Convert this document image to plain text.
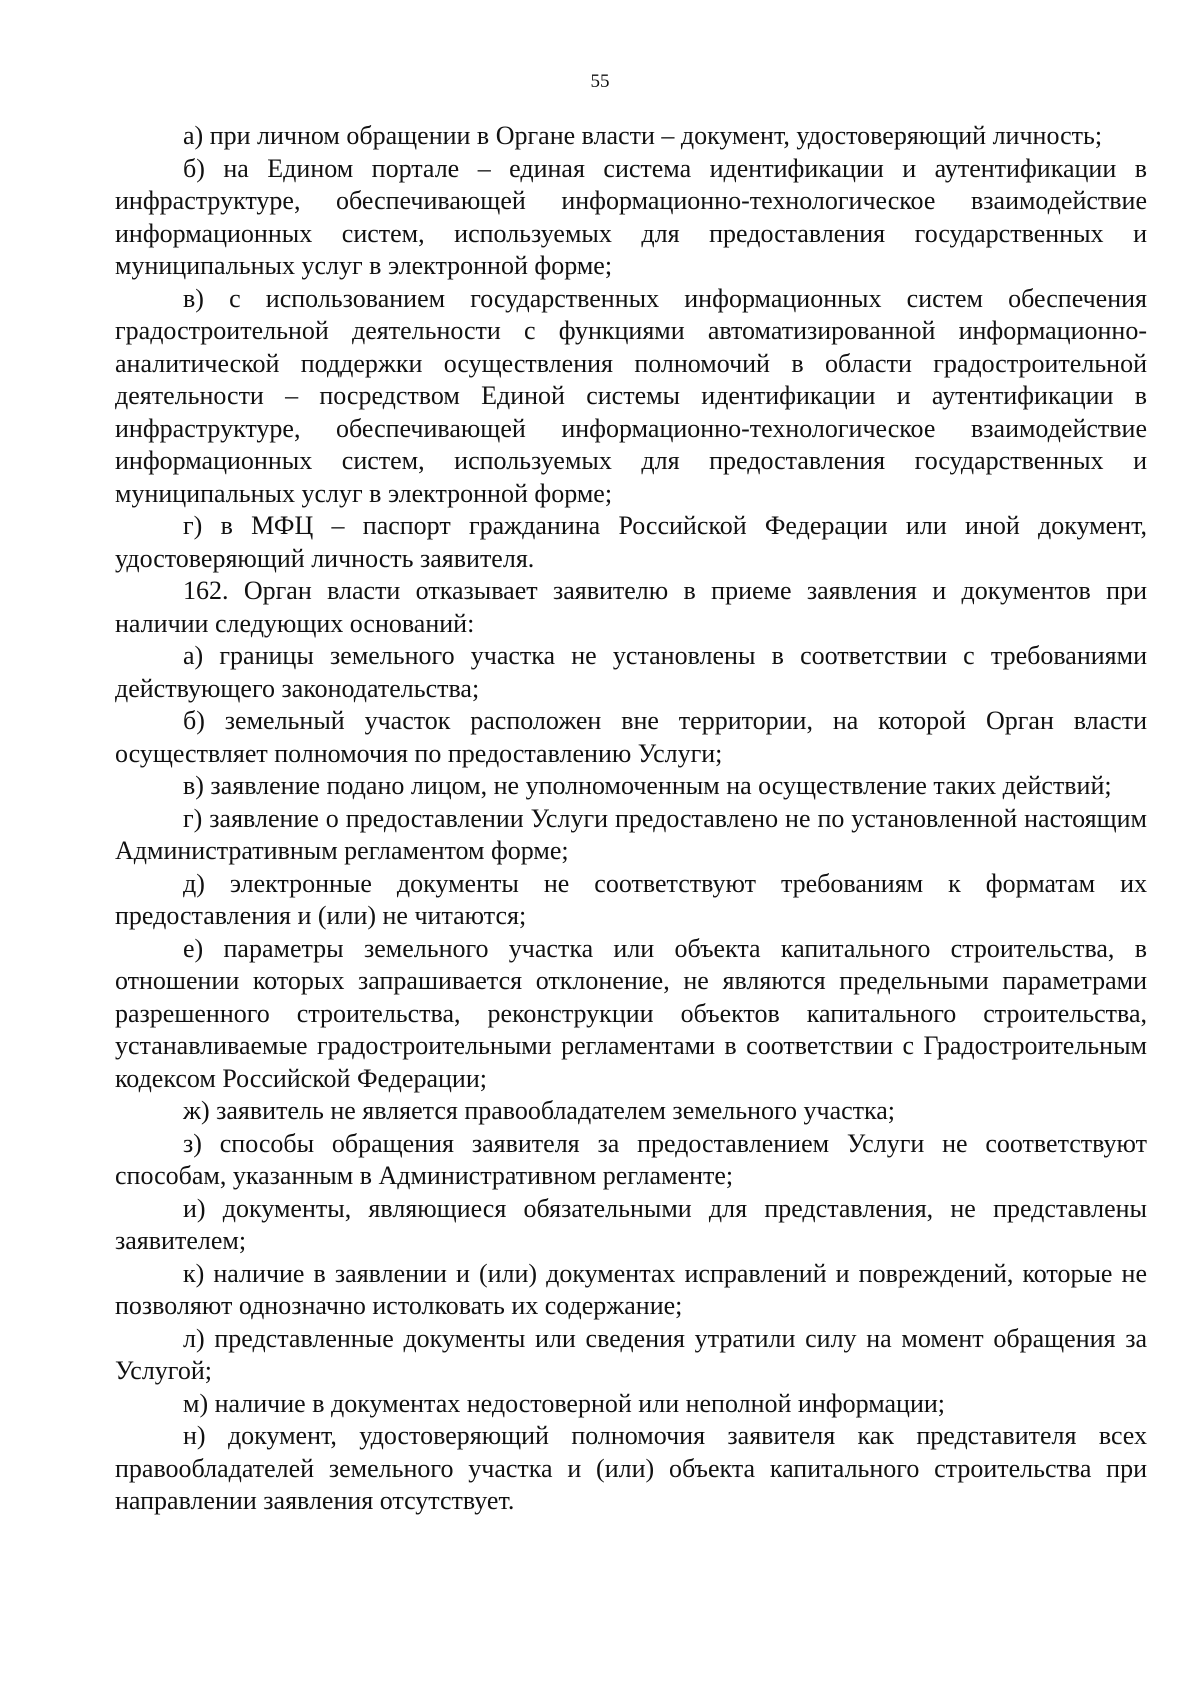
55

а) при личном обращении в Органе власти – документ, удостоверяющий личность;

б) на Едином портале – единая система идентификации и аутентификации в инфраструктуре, обеспечивающей информационно-технологическое взаимодействие информационных систем, используемых для предоставления государственных и муниципальных услуг в электронной форме;

в) с использованием государственных информационных систем обеспечения градостроительной деятельности с функциями автоматизированной информационно-аналитической поддержки осуществления полномочий в области градостроительной деятельности – посредством Единой системы идентификации и аутентификации в инфраструктуре, обеспечивающей информационно-технологическое взаимодействие информационных систем, используемых для предоставления государственных и муниципальных услуг в электронной форме;

г) в МФЦ – паспорт гражданина Российской Федерации или иной документ, удостоверяющий личность заявителя.

162. Орган власти отказывает заявителю в приеме заявления и документов при наличии следующих оснований:

а) границы земельного участка не установлены в соответствии с требованиями действующего законодательства;

б) земельный участок расположен вне территории, на которой Орган власти осуществляет полномочия по предоставлению Услуги;

в) заявление подано лицом, не уполномоченным на осуществление таких действий;

г) заявление о предоставлении Услуги предоставлено не по установленной настоящим Административным регламентом форме;

д) электронные документы не соответствуют требованиям к форматам их предоставления и (или) не читаются;

е) параметры земельного участка или объекта капитального строительства, в отношении которых запрашивается отклонение, не являются предельными параметрами разрешенного строительства, реконструкции объектов капитального строительства, устанавливаемые градостроительными регламентами в соответствии с Градостроительным кодексом Российской Федерации;

ж) заявитель не является правообладателем земельного участка;

з) способы обращения заявителя за предоставлением Услуги не соответствуют способам, указанным в Административном регламенте;

и) документы, являющиеся обязательными для представления, не представлены заявителем;

к) наличие в заявлении и (или) документах исправлений и повреждений, которые не позволяют однозначно истолковать их содержание;

л) представленные документы или сведения утратили силу на момент обращения за Услугой;

м) наличие в документах недостоверной или неполной информации;

н) документ, удостоверяющий полномочия заявителя как представителя всех правообладателей земельного участка и (или) объекта капитального строительства при направлении заявления отсутствует.
